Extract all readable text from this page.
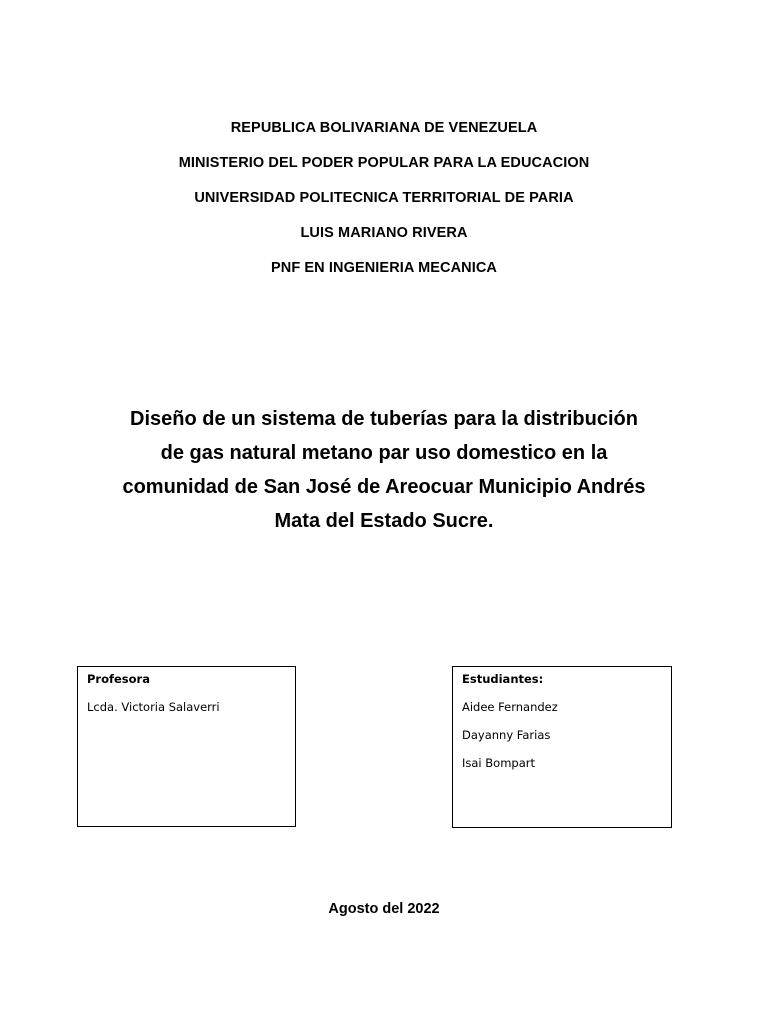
REPUBLICA BOLIVARIANA DE VENEZUELA
MINISTERIO DEL PODER POPULAR PARA LA EDUCACION
UNIVERSIDAD POLITECNICA TERRITORIAL DE PARIA
LUIS MARIANO RIVERA
PNF EN INGENIERIA MECANICA
Diseño de un sistema de tuberías para la distribución
de gas natural metano par uso domestico en la
comunidad de San José de Areocuar Municipio Andrés
Mata del Estado Sucre.
Profesora
Lcda. Victoria Salaverri
Estudiantes:
Aidee Fernandez
Dayanny Farias
Isai Bompart
Agosto del 2022
